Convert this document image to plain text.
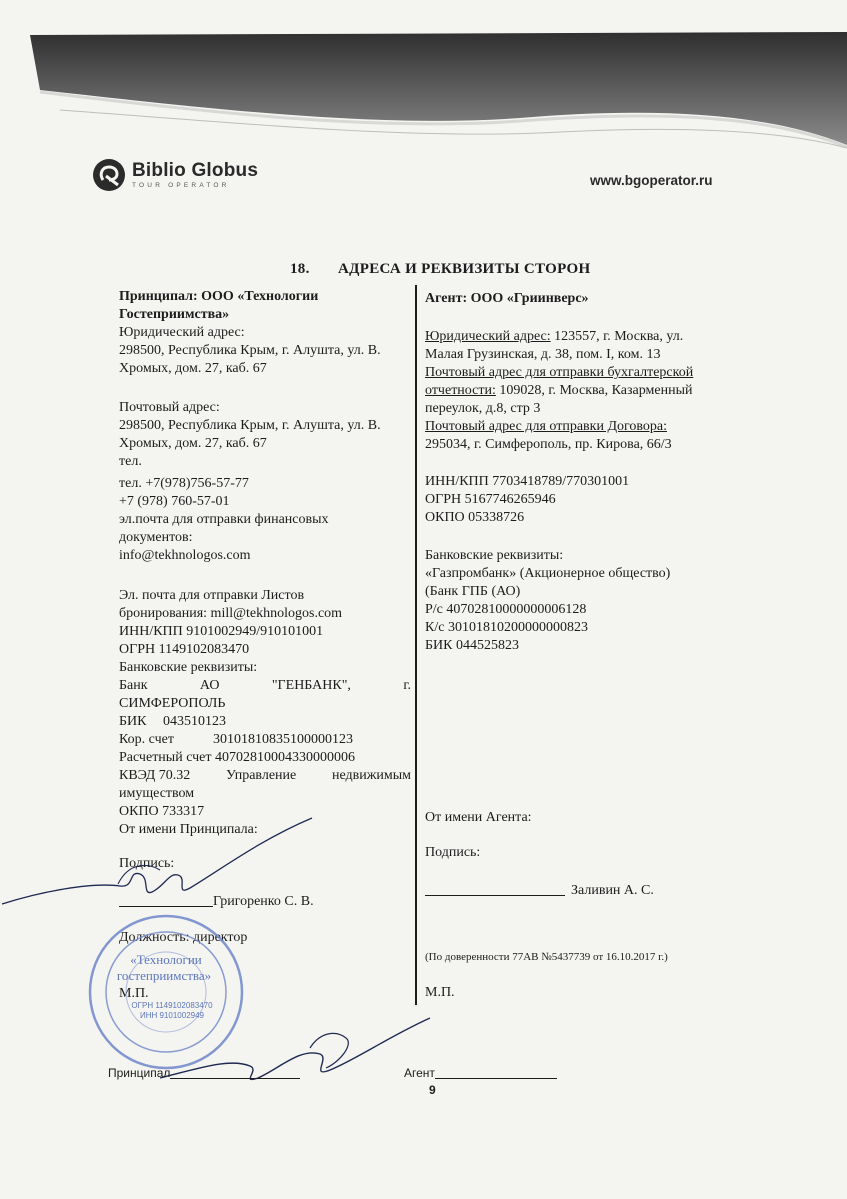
Biblio Globus
TOUR OPERATOR	www.bgoperator.ru
18. АДРЕСА И РЕКВИЗИТЫ СТОРОН
Принципал: ООО «Технологии
Гостеприимства»
Юридический адрес:
298500, Республика Крым, г. Алушта, ул. В.
Хромых, дом. 27, каб. 67
Почтовый адрес:
298500, Республика Крым, г. Алушта, ул. В.
Хромых, дом. 27, каб. 67
тел.
тел. +7(978)756-57-77
+7 (978) 760-57-01
эл.почта для отправки финансовых
документов:
info@tekhnologos.com
Эл. почта для отправки Листов
бронирования: mill@tekhnologos.com
ИНН/КПП 9101002949/910101001
ОГРН 1149102083470
Банковские реквизиты:
Банк	АО	"ГЕНБАНК",	г.
СИМФЕРОПОЛЬ
БИК	043510123
Кор. счет	30101810835100000123
Расчетный счет 40702810004330000006
КВЭД 70.32	Управление	недвижимым
имуществом
ОКПО 733317
От имени Принципала:
Подпись:
Григоренко С. В.
Должность: директор
М.П.
Агент: ООО «Гриинверс»
Юридический адрес: 123557, г. Москва, ул.
Малая Грузинская, д. 38, пом. I, ком. 13
Почтовый адрес для отправки бухгалтерской
отчетности: 109028, г. Москва, Казарменный
переулок, д.8, стр 3
Почтовый адрес для отправки Договора:
295034, г. Симферополь, пр. Кирова, 66/3
ИНН/КПП 7703418789/770301001
ОГРН 5167746265946
ОКПО 05338726
Банковские реквизиты:
«Газпромбанк» (Акционерное общество)
(Банк ГПБ (АО)
Р/с 40702810000000006128
К/с 30101810200000000823
БИК 044525823
От имени Агента:
Подпись:
Заливин А. С.
(По доверенности 77АВ №5437739 от 16.10.2017 г.)
М.П.
«Технологии
гостеприимства»
ОГРН 1149102083470
ИНН 9101002949
Принципал	Агент
9
